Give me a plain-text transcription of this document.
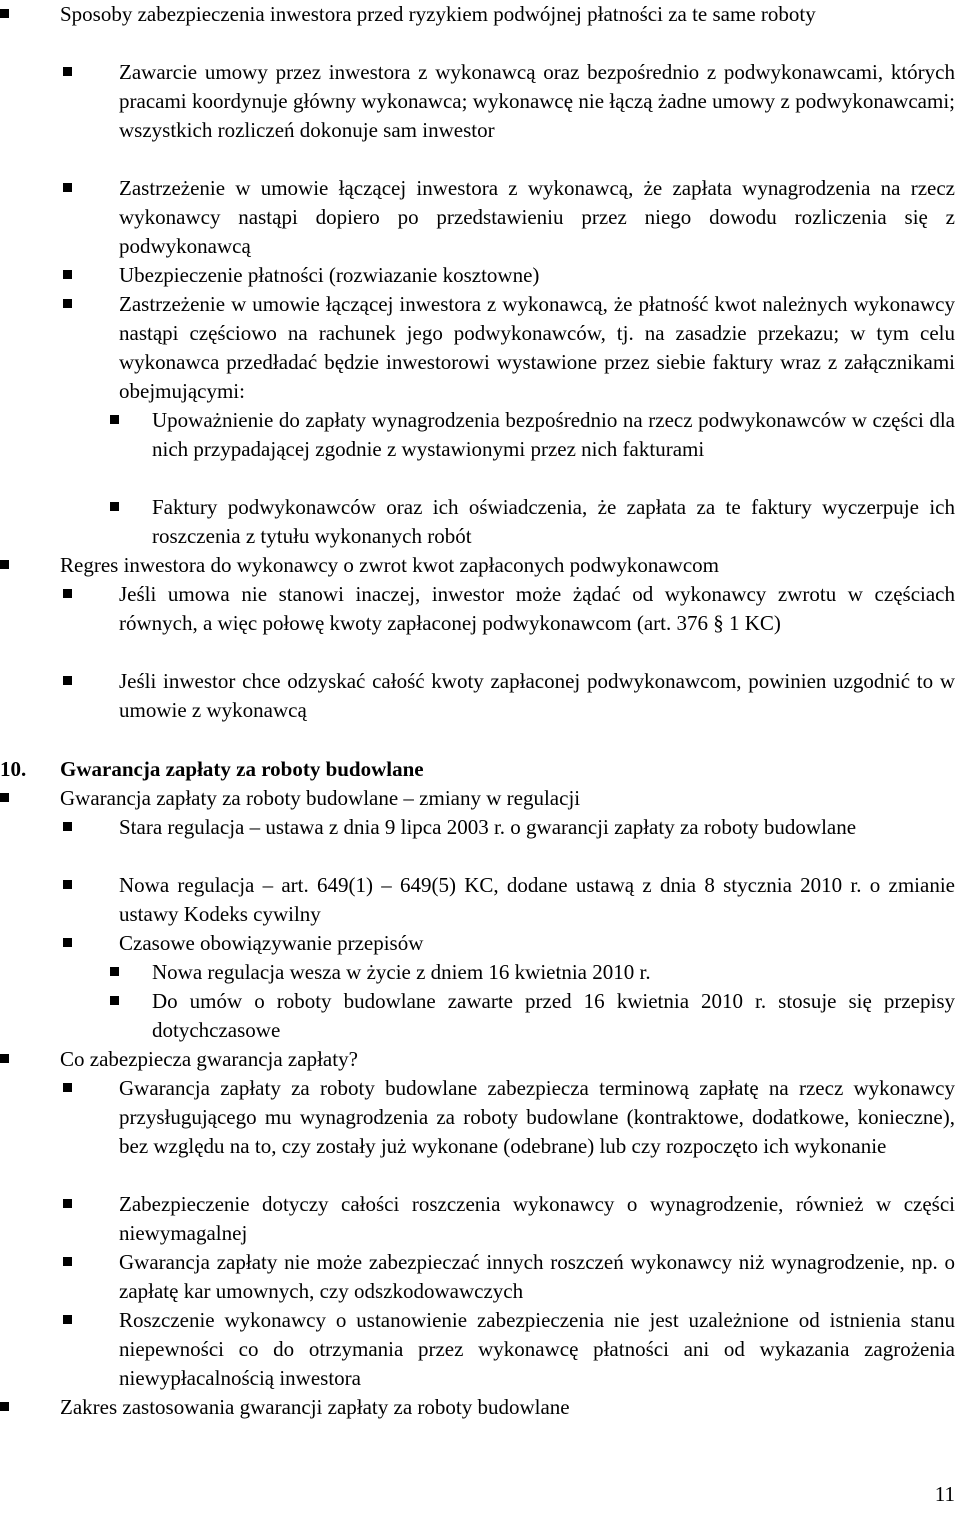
Sposoby zabezpieczenia inwestora przed ryzykiem podwójnej płatności za te same roboty
Zawarcie umowy przez inwestora z wykonawcą oraz bezpośrednio z podwykonawcami, których pracami koordynuje główny wykonawca; wykonawcę nie łączą żadne umowy z podwykonawcami; wszystkich rozliczeń dokonuje sam inwestor
Zastrzeżenie w umowie łączącej inwestora z wykonawcą, że zapłata wynagrodzenia na rzecz wykonawcy nastąpi dopiero po przedstawieniu przez niego dowodu rozliczenia się z podwykonawcą
Ubezpieczenie płatności (rozwiazanie kosztowne)
Zastrzeżenie w umowie łączącej inwestora z wykonawcą, że płatność kwot należnych wykonawcy nastąpi częściowo na rachunek jego podwykonawców, tj. na zasadzie przekazu; w tym celu wykonawca przedładać będzie inwestorowi wystawione przez siebie faktury wraz z załącznikami obejmującymi:
Upoważnienie do zapłaty wynagrodzenia bezpośrednio na rzecz podwykonawców w części dla nich przypadającej zgodnie z wystawionymi przez nich fakturami
Faktury podwykonawców oraz ich oświadczenia, że zapłata za te faktury wyczerpuje ich roszczenia z tytułu wykonanych robót
Regres inwestora do wykonawcy o zwrot kwot zapłaconych podwykonawcom
Jeśli umowa nie stanowi inaczej, inwestor może żądać od wykonawcy zwrotu w częściach równych, a więc połowę kwoty zapłaconej podwykonawcom (art. 376 § 1 KC)
Jeśli inwestor chce odzyskać całość kwoty zapłaconej podwykonawcom, powinien uzgodnić to w umowie z wykonawcą
10. Gwarancja zapłaty za roboty budowlane
Gwarancja zapłaty za roboty budowlane – zmiany w regulacji
Stara regulacja – ustawa z dnia 9 lipca 2003 r. o gwarancji zapłaty za roboty budowlane
Nowa regulacja – art. 649(1) – 649(5) KC, dodane ustawą z dnia 8 stycznia 2010 r. o zmianie ustawy Kodeks cywilny
Czasowe obowiązywanie przepisów
Nowa regulacja wesza w życie z dniem 16 kwietnia 2010 r.
Do umów o roboty budowlane zawarte przed 16 kwietnia 2010 r. stosuje się przepisy dotychczasowe
Co zabezpiecza gwarancja zapłaty?
Gwarancja zapłaty za roboty budowlane zabezpiecza terminową zapłatę na rzecz wykonawcy przysługującego mu wynagrodzenia za roboty budowlane (kontraktowe, dodatkowe, konieczne), bez względu na to, czy zostały już wykonane (odebrane) lub czy rozpoczęto ich wykonanie
Zabezpieczenie dotyczy całości roszczenia wykonawcy o wynagrodzenie, również w części niewymagalnej
Gwarancja zapłaty nie może zabezpieczać innych roszczeń wykonawcy niż wynagrodzenie, np. o zapłatę kar umownych, czy odszkodowawczych
Roszczenie wykonawcy o ustanowienie zabezpieczenia nie jest uzależnione od istnienia stanu niepewności co do otrzymania przez wykonawcę płatności ani od wykazania zagrożenia niewypłacalnością inwestora
Zakres zastosowania gwarancji zapłaty za roboty budowlane
11
